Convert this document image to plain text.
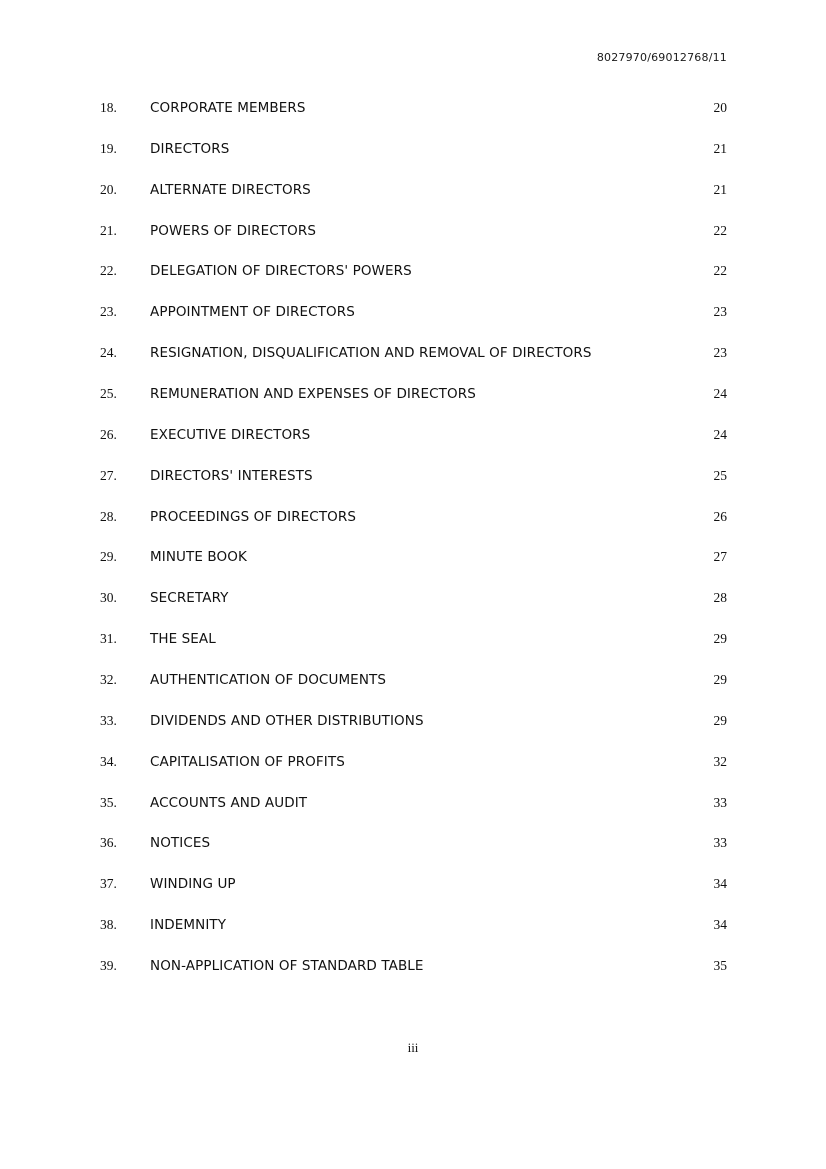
8027970/69012768/11
18.	CORPORATE MEMBERS	20
19.	DIRECTORS	21
20.	ALTERNATE DIRECTORS	21
21.	POWERS OF DIRECTORS	22
22.	DELEGATION OF DIRECTORS' POWERS	22
23.	APPOINTMENT OF DIRECTORS	23
24.	RESIGNATION, DISQUALIFICATION AND REMOVAL OF DIRECTORS	23
25.	REMUNERATION AND EXPENSES OF DIRECTORS	24
26.	EXECUTIVE DIRECTORS	24
27.	DIRECTORS' INTERESTS	25
28.	PROCEEDINGS OF DIRECTORS	26
29.	MINUTE BOOK	27
30.	SECRETARY	28
31.	THE SEAL	29
32.	AUTHENTICATION OF DOCUMENTS	29
33.	DIVIDENDS AND OTHER DISTRIBUTIONS	29
34.	CAPITALISATION OF PROFITS	32
35.	ACCOUNTS AND AUDIT	33
36.	NOTICES	33
37.	WINDING UP	34
38.	INDEMNITY	34
39.	NON-APPLICATION OF STANDARD TABLE	35
iii
